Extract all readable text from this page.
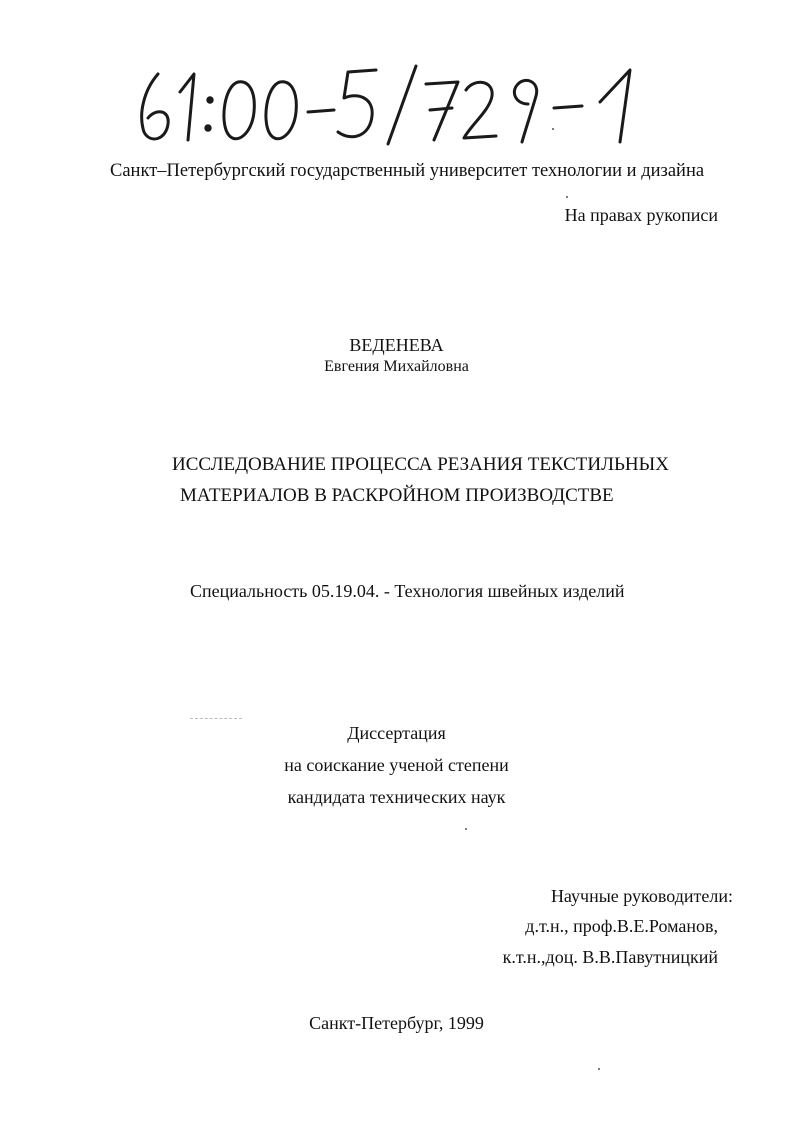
Санкт–Петербургский государственный университет технологии и дизайна
На правах рукописи
ВЕДЕНЕВА
Евгения Михайловна
ИССЛЕДОВАНИЕ ПРОЦЕССА РЕЗАНИЯ ТЕКСТИЛЬНЫХ
МАТЕРИАЛОВ В РАСКРОЙНОМ ПРОИЗВОДСТВЕ
Специальность 05.19.04. - Технология швейных изделий
Диссертация
на соискание ученой степени
кандидата технических наук
Научные руководители:
д.т.н., проф.В.Е.Романов,
к.т.н.,доц. В.В.Павутницкий
Санкт-Петербург, 1999
